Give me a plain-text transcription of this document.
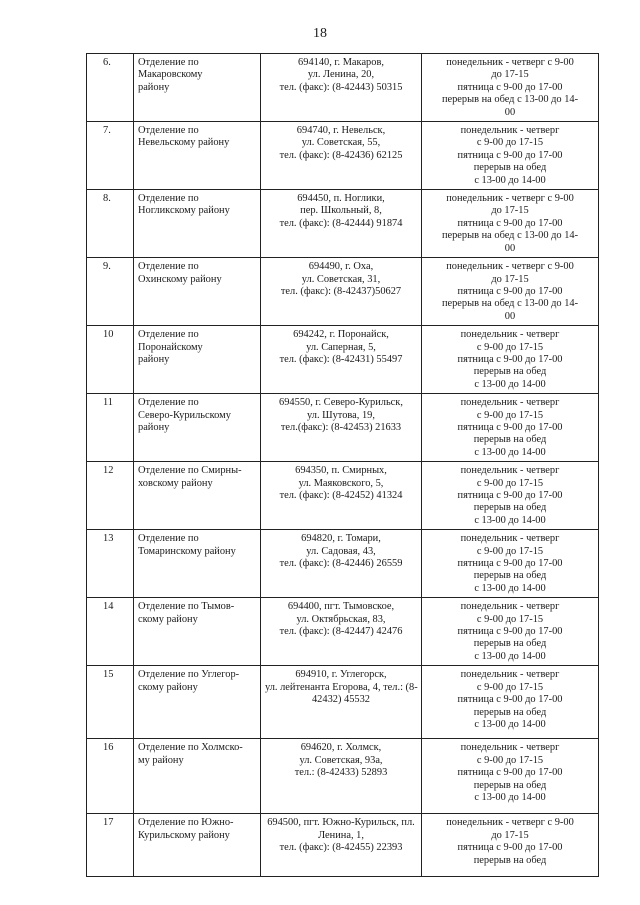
18
6.	Отделение по
Макаровскому
району	694140, г. Макаров,
ул. Ленина, 20,
тел. (факс): (8-42443) 50315	понедельник - четверг с 9-00
до 17-15
пятница с 9-00 до 17-00
перерыв на обед с 13-00 до 14-
00

7.	Отделение по
Невельскому району	694740, г. Невельск,
ул. Советская, 55,
тел. (факс): (8-42436) 62125	понедельник - четверг
с 9-00 до 17-15
пятница с 9-00 до 17-00
перерыв на обед
с 13-00 до 14-00

8.	Отделение по
Ногликскому району	694450, п. Ноглики,
пер. Школьный, 8,
тел. (факс): (8-42444) 91874	понедельник - четверг с 9-00
до 17-15
пятница с 9-00 до 17-00
перерыв на обед с 13-00 до 14-
00

9.	Отделение по
Охинскому району	694490, г. Оха,
ул. Советская, 31,
тел. (факс): (8-42437)50627	понедельник - четверг с 9-00
до 17-15
пятница с 9-00 до 17-00
перерыв на обед с 13-00 до 14-
00

10	Отделение по
Поронайскому
району	694242, г. Поронайск,
ул. Саперная, 5,
тел. (факс): (8-42431) 55497	понедельник - четверг
с 9-00 до 17-15
пятница с 9-00 до 17-00
перерыв на обед
с 13-00 до 14-00

11	Отделение по
Северо-Курильскому
району	694550, г. Северо-Курильск,
ул. Шутова, 19,
тел.(факс): (8-42453) 21633	понедельник - четверг
с 9-00 до 17-15
пятница с 9-00 до 17-00
перерыв на обед
с 13-00 до 14-00

12	Отделение по Смирны-
ховскому району	694350, п. Смирных,
ул. Маяковского, 5,
тел. (факс): (8-42452) 41324	понедельник - четверг
с 9-00 до 17-15
пятница с 9-00 до 17-00
перерыв на обед
с 13-00 до 14-00

13	Отделение по
Томаринскому району	694820, г. Томари,
ул. Садовая, 43,
тел. (факс): (8-42446) 26559	понедельник - четверг
с 9-00 до 17-15
пятница с 9-00 до 17-00
перерыв на обед
с 13-00 до 14-00

14	Отделение по Тымов-
скому району	694400, пгт. Тымовское,
ул. Октябрьская, 83,
тел. (факс): (8-42447) 42476	понедельник - четверг
с 9-00 до 17-15
пятница с 9-00 до 17-00
перерыв на обед
с 13-00 до 14-00

15	Отделение по Углегор-
скому району	694910, г. Углегорск,
ул. лейтенанта Егорова, 4, тел.: (8-
42432) 45532	понедельник - четверг
с 9-00 до 17-15
пятница с 9-00 до 17-00
перерыв на обед
с 13-00 до 14-00

16	Отделение по Холмско-
му району	694620, г. Холмск,
ул. Советская, 93а,
тел.: (8-42433) 52893	понедельник - четверг
с 9-00 до 17-15
пятница с 9-00 до 17-00
перерыв на обед
с 13-00 до 14-00

17	Отделение по Южно-
Курильскому району	694500, пгт. Южно-Курильск, пл.
Ленина, 1,
тел. (факс): (8-42455) 22393	понедельник - четверг с 9-00
до 17-15
пятница с 9-00 до 17-00
перерыв на обед
